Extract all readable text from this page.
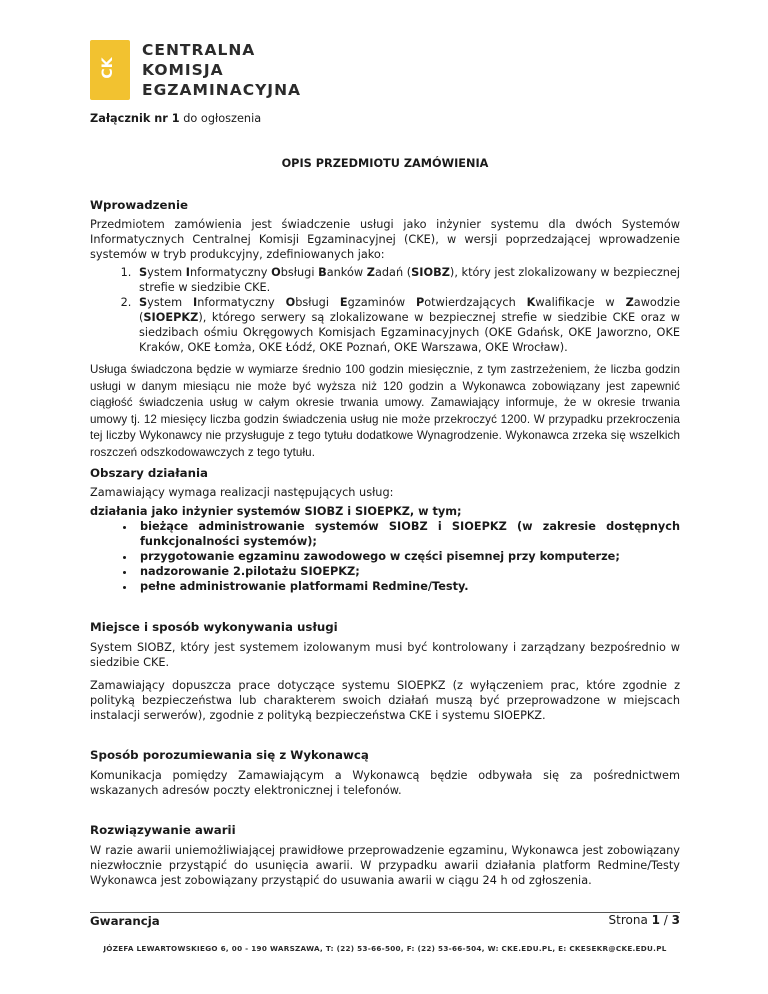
CK
CENTRALNA
KOMISJA
EGZAMINACYJNA

Załącznik nr 1 do ogłoszenia

OPIS PRZEDMIOTU ZAMÓWIENIA

Wprowadzenie

Przedmiotem zamówienia jest świadczenie usługi jako inżynier systemu dla dwóch Systemów Informatycznych Centralnej Komisji Egzaminacyjnej (CKE), w wersji poprzedzającej wprowadzenie systemów w tryb produkcyjny, zdefiniowanych jako:

1. System Informatyczny Obsługi Banków Zadań (SIOBZ), który jest zlokalizowany w bezpiecznej strefie w siedzibie CKE.
2. System Informatyczny Obsługi Egzaminów Potwierdzających Kwalifikacje w Zawodzie (SIOEPKZ), którego serwery są zlokalizowane w bezpiecznej strefie w siedzibie CKE oraz w siedzibach ośmiu Okręgowych Komisjach Egzaminacyjnych (OKE Gdańsk, OKE Jaworzno, OKE Kraków, OKE Łomża, OKE Łódź, OKE Poznań, OKE Warszawa, OKE Wrocław).

Usługa świadczona będzie w wymiarze średnio 100 godzin miesięcznie, z tym zastrzeżeniem, że liczba godzin usługi w danym miesiącu nie może być wyższa niż 120 godzin a Wykonawca zobowiązany jest zapewnić ciągłość świadczenia usług w całym okresie trwania umowy. Zamawiający informuje, że w okresie trwania umowy tj. 12 miesięcy liczba godzin świadczenia usług nie może przekroczyć 1200. W przypadku przekroczenia tej liczby Wykonawcy nie przysługuje z tego tytułu dodatkowe Wynagrodzenie. Wykonawca zrzeka się wszelkich roszczeń odszkodowawczych z tego tytułu.

Obszary działania

Zamawiający wymaga realizacji następujących usług:

działania jako inżynier systemów SIOBZ i SIOEPKZ, w tym;

• bieżące administrowanie systemów SIOBZ i SIOEPKZ (w zakresie dostępnych funkcjonalności systemów);
• przygotowanie egzaminu zawodowego w części pisemnej przy komputerze;
• nadzorowanie 2.pilotażu SIOEPKZ;
• pełne administrowanie platformami Redmine/Testy.
Miejsce i sposób wykonywania usługi

System SIOBZ, który jest systemem izolowanym musi być kontrolowany i zarządzany bezpośrednio w siedzibie CKE.

Zamawiający dopuszcza prace dotyczące systemu SIOEPKZ (z wyłączeniem prac, które zgodnie z polityką bezpieczeństwa lub charakterem swoich działań muszą być przeprowadzone w miejscach instalacji serwerów), zgodnie z polityką bezpieczeństwa CKE i systemu SIOEPKZ.

Sposób porozumiewania się z Wykonawcą

Komunikacja pomiędzy Zamawiającym a Wykonawcą będzie odbywała się za pośrednictwem wskazanych adresów poczty elektronicznej i telefonów.

Rozwiązywanie awarii

W razie awarii uniemożliwiającej prawidłowe przeprowadzenie egzaminu, Wykonawca jest zobowiązany niezwłocznie przystąpić do usunięcia awarii. W przypadku awarii działania platform Redmine/Testy Wykonawca jest zobowiązany przystąpić do usuwania awarii w ciągu 24 h od zgłoszenia.

Gwarancja	Strona 1 / 3
JÓZEFA LEWARTOWSKIEGO 6, 00 - 190 WARSZAWA, T: (22) 53-66-500, F: (22) 53-66-504, W: CKE.EDU.PL, E: CKESEKR@CKE.EDU.PL
